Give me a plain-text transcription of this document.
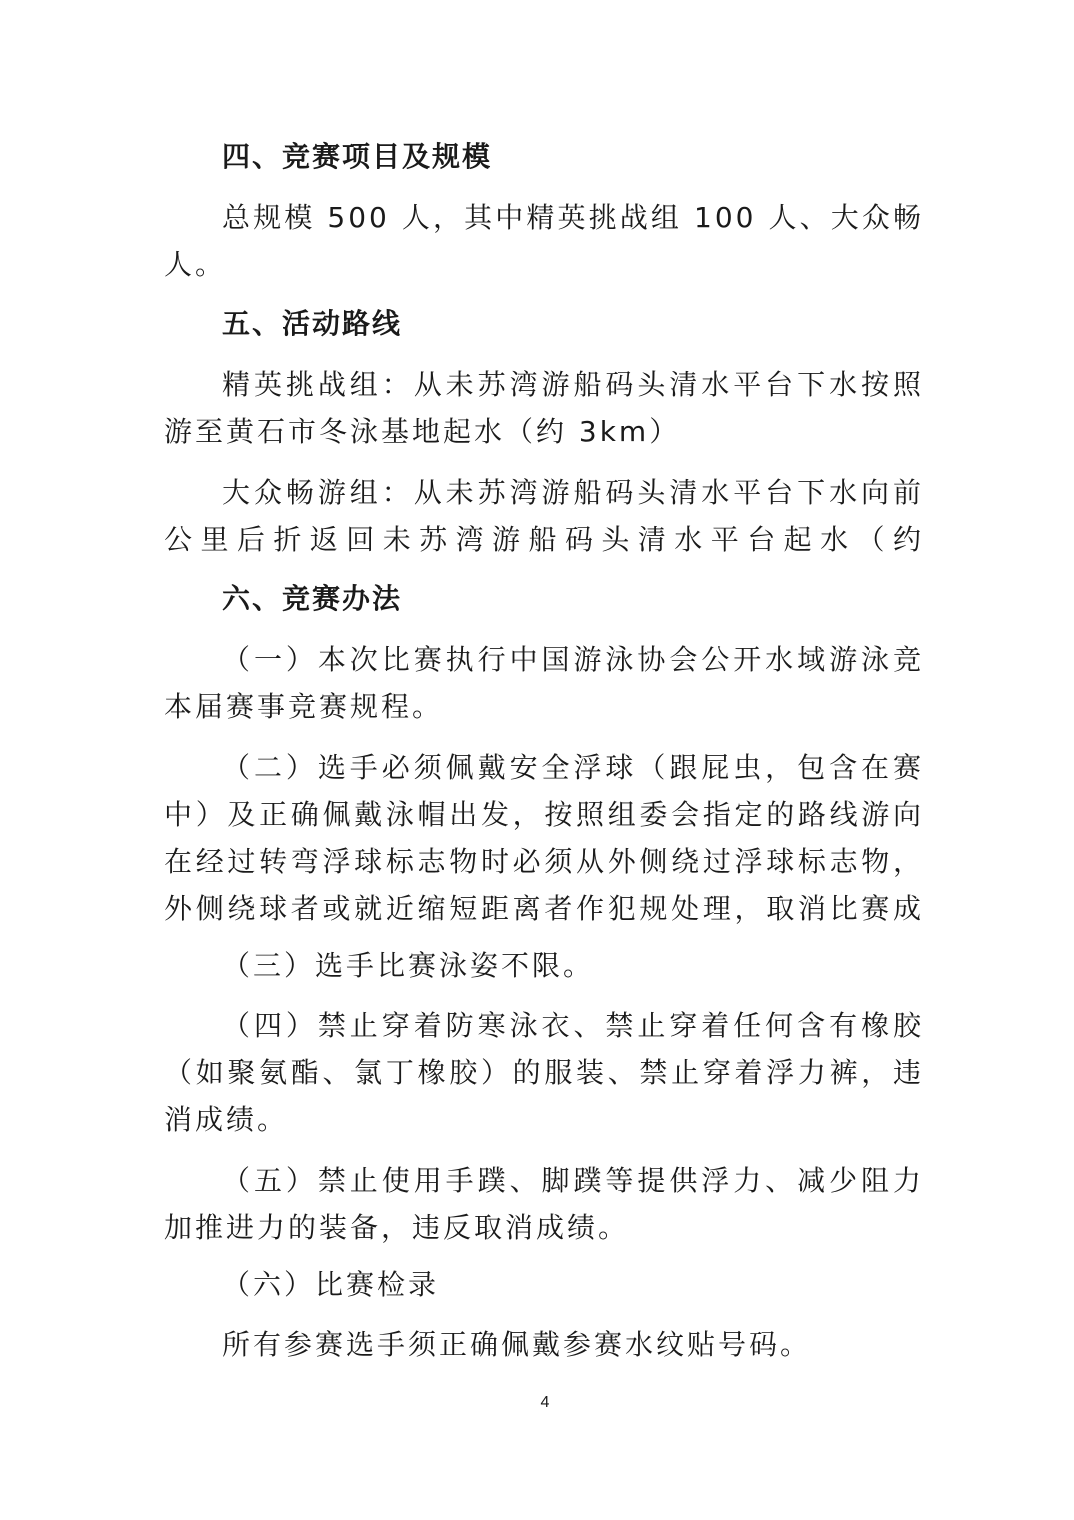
四、竞赛项目及规模
总规模 500 人，其中精英挑战组 100 人、大众畅
人。
五、活动路线
精英挑战组：从未苏湾游船码头清水平台下水按照
游至黄石市冬泳基地起水（约 3km）
大众畅游组：从未苏湾游船码头清水平台下水向前
公里后折返回未苏湾游船码头清水平台起水（约
六、竞赛办法
（一）本次比赛执行中国游泳协会公开水域游泳竞
本届赛事竞赛规程。
（二）选手必须佩戴安全浮球（跟屁虫，包含在赛
中）及正确佩戴泳帽出发，按照组委会指定的路线游向
在经过转弯浮球标志物时必须从外侧绕过浮球标志物，
外侧绕球者或就近缩短距离者作犯规处理，取消比赛成
（三）选手比赛泳姿不限。
（四）禁止穿着防寒泳衣、禁止穿着任何含有橡胶
（如聚氨酯、氯丁橡胶）的服装、禁止穿着浮力裤，违
消成绩。
（五）禁止使用手蹼、脚蹼等提供浮力、减少阻力
加推进力的装备，违反取消成绩。
（六）比赛检录
所有参赛选手须正确佩戴参赛水纹贴号码。
4
